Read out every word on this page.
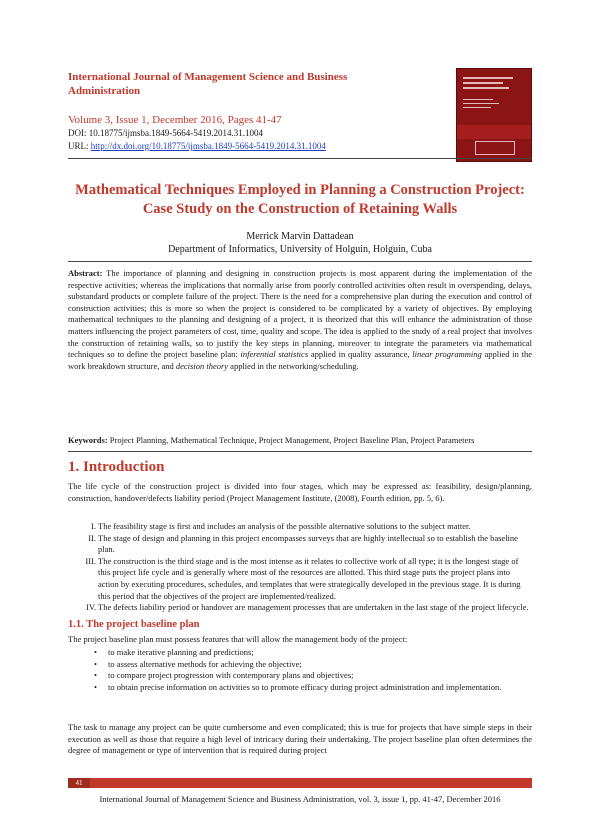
International Journal of Management Science and Business Administration
Volume 3, Issue 1, December 2016, Pages 41-47
DOI: 10.18775/ijmsba.1849-5664-5419.2014.31.1004
URL: http://dx.doi.org/10.18775/ijmsba.1849-5664-5419.2014.31.1004
Mathematical Techniques Employed in Planning a Construction Project: Case Study on the Construction of Retaining Walls
Merrick Marvin Dattadean
Department of Informatics, University of Holguin, Holguin, Cuba
Abstract: The importance of planning and designing in construction projects is most apparent during the implementation of the respective activities; whereas the implications that normally arise from poorly controlled activities often result in overspending, delays, substandard products or complete failure of the project. There is the need for a comprehensive plan during the execution and control of construction activities; this is more so when the project is considered to be complicated by a variety of objectives. By employing mathematical techniques to the planning and designing of a project, it is theorized that this will enhance the administration of those matters influencing the project parameters of cost, time, quality and scope. The idea is applied to the study of a real project that involves the construction of retaining walls, so to justify the key steps in planning, moreover to integrate the parameters via mathematical techniques so to define the project baseline plan: inferential statistics applied in quality assurance, linear programming applied in the work breakdown structure, and decision theory applied in the networking/scheduling.
Keywords: Project Planning, Mathematical Technique, Project Management, Project Baseline Plan, Project Parameters
1. Introduction
The life cycle of the construction project is divided into four stages, which may be expressed as: feasibility, design/planning, construction, handover/defects liability period (Project Management Institute, (2008), Fourth edition, pp. 5, 6).
I. The feasibility stage is first and includes an analysis of the possible alternative solutions to the subject matter.
II. The stage of design and planning in this project encompasses surveys that are highly intellectual so to establish the baseline plan.
III. The construction is the third stage and is the most intense as it relates to collective work of all type; it is the longest stage of this project life cycle and is generally where most of the resources are allotted. This third stage puts the project plans into action by executing procedures, schedules, and templates that were strategically developed in the previous stage. It is during this period that the objectives of the project are implemented/realized.
IV. The defects liability period or handover are management processes that are undertaken in the last stage of the project lifecycle.
1.1. The project baseline plan
The project baseline plan must possess features that will allow the management body of the project:
• to make iterative planning and predictions;
• to assess alternative methods for achieving the objective;
• to compare project progression with contemporary plans and objectives;
• to obtain precise information on activities so to promote efficacy during project administration and implementation.
The task to manage any project can be quite cumbersome and even complicated; this is true for projects that have simple steps in their execution as well as those that require a high level of intricacy during their undertaking. The project baseline plan often determines the degree of management or type of intervention that is required during project
41
International Journal of Management Science and Business Administration, vol. 3, issue 1, pp. 41-47, December 2016
